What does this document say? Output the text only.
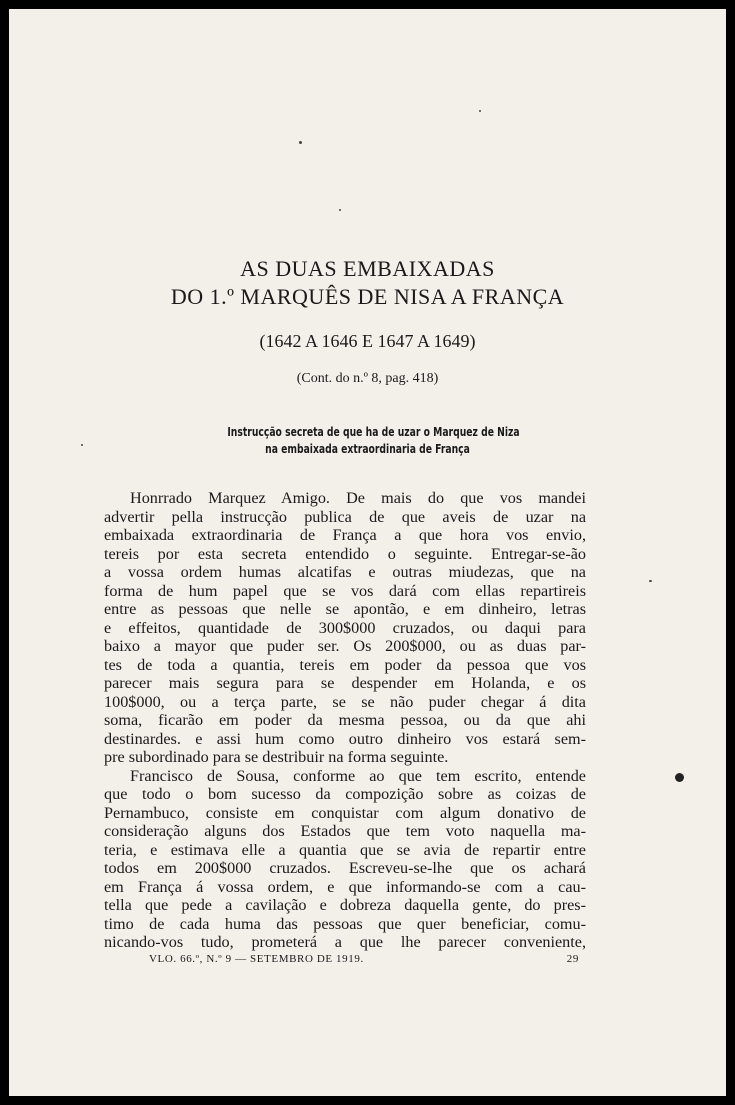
AS DUAS EMBAIXADAS
DO 1.º MARQUÊS DE NISA A FRANÇA
(1642 A 1646 E 1647 A 1649)
(Cont. do n.º 8, pag. 418)
Instrucção secreta de que ha de uzar o Marquez de Niza
na embaixada extraordinaria de França
Honrrado Marquez Amigo. De mais do que vos mandei
advertir pella instrucção publica de que aveis de uzar na
embaixada extraordinaria de França a que hora vos envio,
tereis por esta secreta entendido o seguinte. Entregar-se-ão
a vossa ordem humas alcatifas e outras miudezas, que na
forma de hum papel que se vos dará com ellas repartireis
entre as pessoas que nelle se apontão, e em dinheiro, letras
e effeitos, quantidade de 300$000 cruzados, ou daqui para
baixo a mayor que puder ser. Os 200$000, ou as duas par-
tes de toda a quantia, tereis em poder da pessoa que vos
parecer mais segura para se despender em Holanda, e os
100$000, ou a terça parte, se se não puder chegar á dita
soma, ficarão em poder da mesma pessoa, ou da que ahi
destinardes. e assi hum como outro dinheiro vos estará sem-
pre subordinado para se destribuir na forma seguinte.
Francisco de Sousa, conforme ao que tem escrito, entende
que todo o bom sucesso da compozição sobre as coizas de
Pernambuco, consiste em conquistar com algum donativo de
consideração alguns dos Estados que tem voto naquella ma-
teria, e estimava elle a quantia que se avia de repartir entre
todos em 200$000 cruzados. Escreveu-se-lhe que os achará
em França á vossa ordem, e que informando-se com a cau-
tella que pede a cavilação e dobreza daquella gente, do pres-
timo de cada huma das pessoas que quer beneficiar, comu-
nicando-vos tudo, prometerá a que lhe parecer conveniente,
VLO. 66.º, N.º 9 — SETEMBRO DE 1919.	29
